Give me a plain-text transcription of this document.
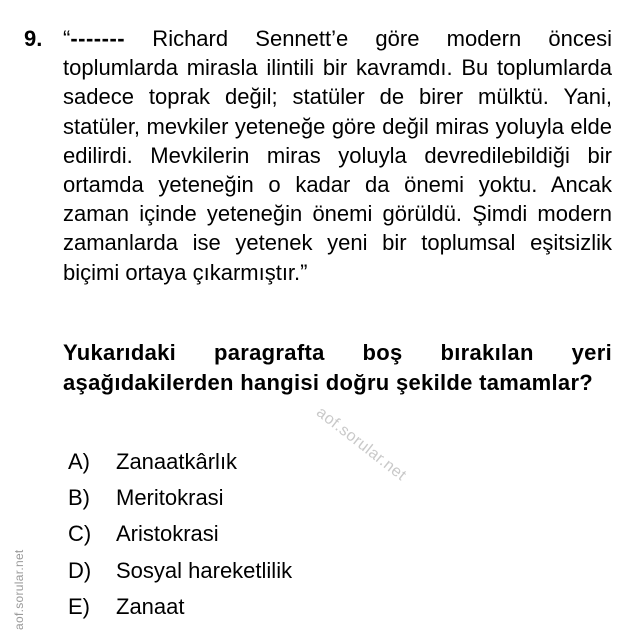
9. “------- Richard Sennett’e göre modern öncesi toplumlarda mirasla ilintili bir kavramdı. Bu toplumlarda sadece toprak değil; statüler de birer mülktü. Yani, statüler, mevkiler yeteneğe göre değil miras yoluyla elde edilirdi. Mevkilerin miras yoluyla devredilebildiği bir ortamda yeteneğin o kadar da önemi yoktu. Ancak zaman içinde yeteneğin önemi görüldü. Şimdi modern zamanlarda ise yetenek yeni bir toplumsal eşitsizlik biçimi ortaya çıkarmıştır.”
Yukarıdaki paragrafta boş bırakılan yeri aşağıdakilerden hangisi doğru şekilde tamamlar?
A)	Zanaatkârlık
B)	Meritokrasi
C)	Aristokrasi
D)	Sosyal hareketlilik
E)	Zanaat
aof.sorular.net
aof.sorular.net
